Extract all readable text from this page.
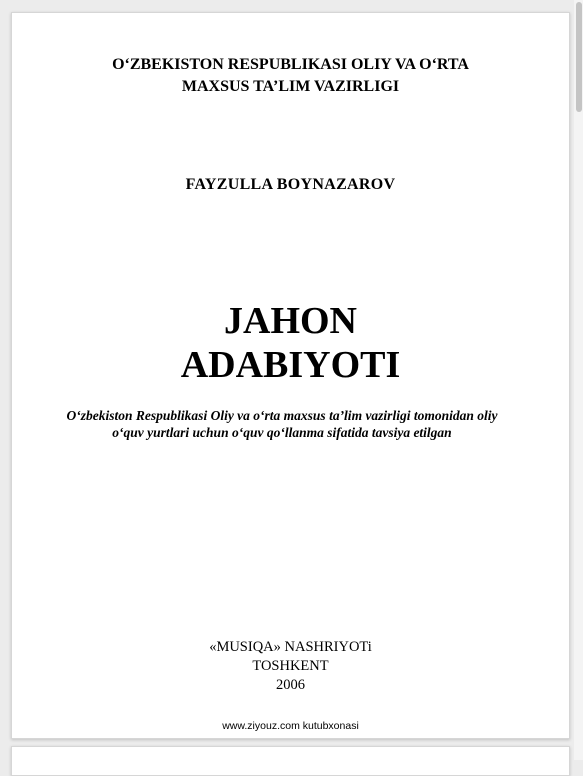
O‘ZBEKISTON RESPUBLIKASI OLIY VA O‘RTA
MAXSUS TA’LIM VAZIRLIGI

FAYZULLA BOYNAZAROV

JAHON
ADABIYOTI

O‘zbekiston Respublikasi Oliy va o‘rta maxsus ta’lim vazirligi tomonidan oliy o‘quv yurtlari uchun o‘quv qo‘llanma sifatida tavsiya etilgan

«MUSIQA» NASHRIYOTi
TOSHKENT
2006

www.ziyouz.com kutubxonasi
